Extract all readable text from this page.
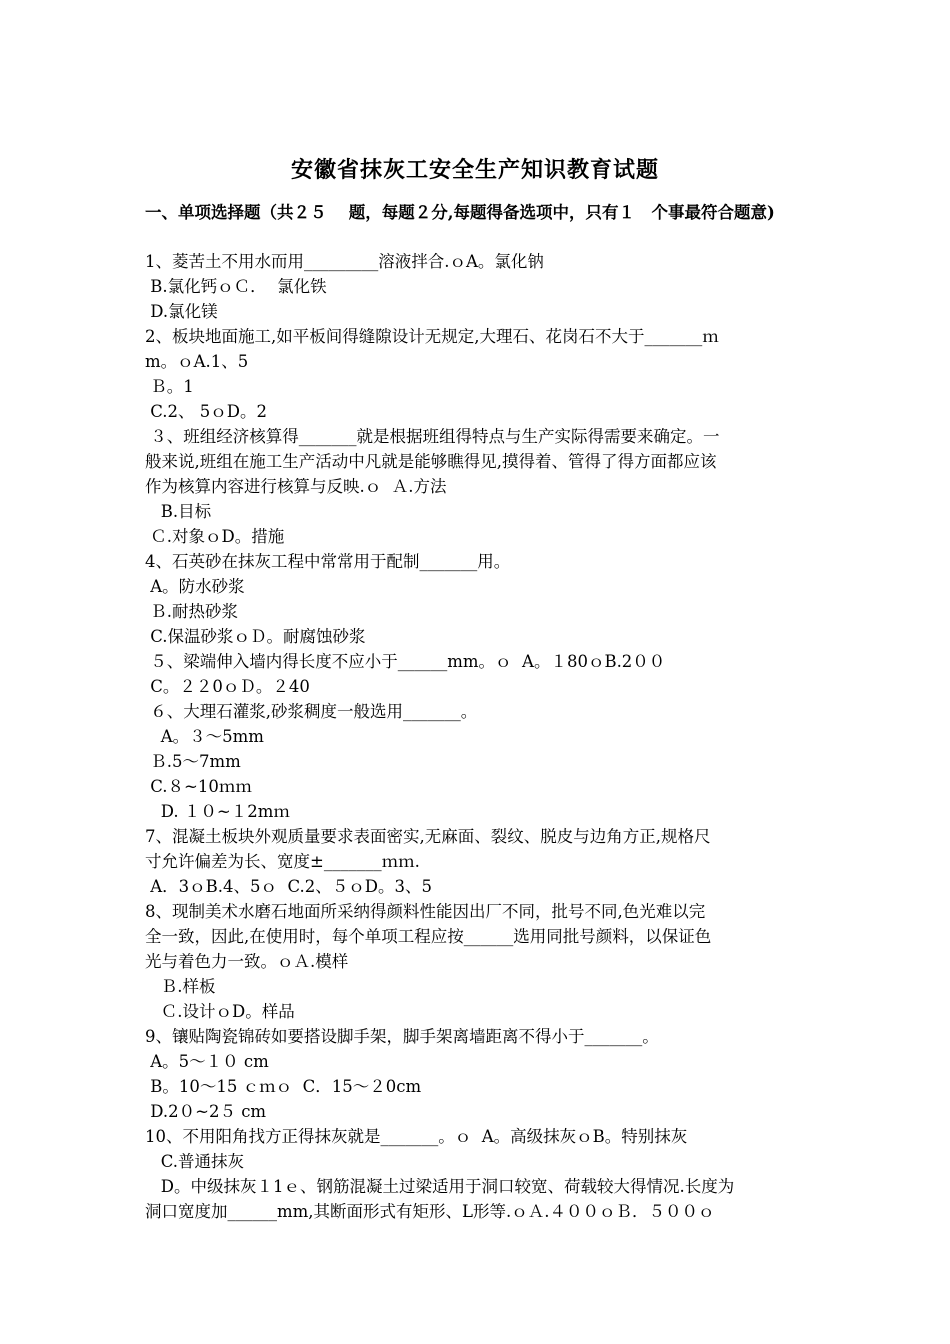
安徽省抹灰工安全生产知识教育试题
一、单项选择题（共２５　 题，每题２分,每题得备选项中，只有１　个事最符合题意)
1、菱苦土不用水而用_________溶液拌合.ｏA。氯化钠
B.氯化钙ｏＣ．  氯化铁
D.氯化镁
2、板块地面施工,如平板间得缝隙设计无规定,大理石、花岗石不大于_______ｍ
m。ｏA.1、5
Ｂ。1
C.2、 5ｏD。2
３、班组经济核算得_______就是根据班组得特点与生产实际得需要来确定。一
般来说,班组在施工生产活动中凡就是能够瞧得见,摸得着、管得了得方面都应该
作为核算内容进行核算与反映.ｏ  Ａ.方法
B.目标
Ｃ.对象ｏD。措施
4、石英砂在抹灰工程中常常用于配制_______用。
A。防水砂浆
Ｂ.耐热砂浆
C.保温砂浆ｏＤ。耐腐蚀砂浆
５、梁端伸入墙内得长度不应小于______mm。ｏ  A。１80ｏB.2００
C。２２0ｏＤ。２40
６、大理石灌浆,砂浆稠度一般选用_______。
A。３～5mm
Ｂ.5～7mm
C.８~10ｍｍ
D. １０~１2mｍ
7、混凝土板块外观质量要求表面密实,无麻面、裂纹、脱皮与边角方正,规格尺
寸允许偏差为长、宽度±_______ｍｍ.
A．3ｏB.4、5ｏ  C.2、５ｏD。3、5
8、现制美术水磨石地面所采纳得颜料性能因出厂不同，批号不同,色光难以完
全一致，因此,在使用时，每个单项工程应按______选用同批号颜料，以保证色
光与着色力一致。ｏＡ.模样
Ｂ.样板
Ｃ.设计ｏD。样品
9、镶贴陶瓷锦砖如要搭设脚手架，脚手架离墙距离不得小于_______。
A。5～１０ cm
B。10～15 ｃｍｏ  C．15～２0cm
D.2０~2５ cm
10、不用阳角找方正得抹灰就是_______。ｏ  A。高级抹灰ｏB。特别抹灰
C.普通抹灰
D。中级抹灰１1ｅ、钢筋混凝土过梁适用于洞口较宽、荷载较大得情况.长度为
洞口宽度加______mm,其断面形式有矩形、L形等.ｏＡ.４００ｏＢ．５００ｏ
